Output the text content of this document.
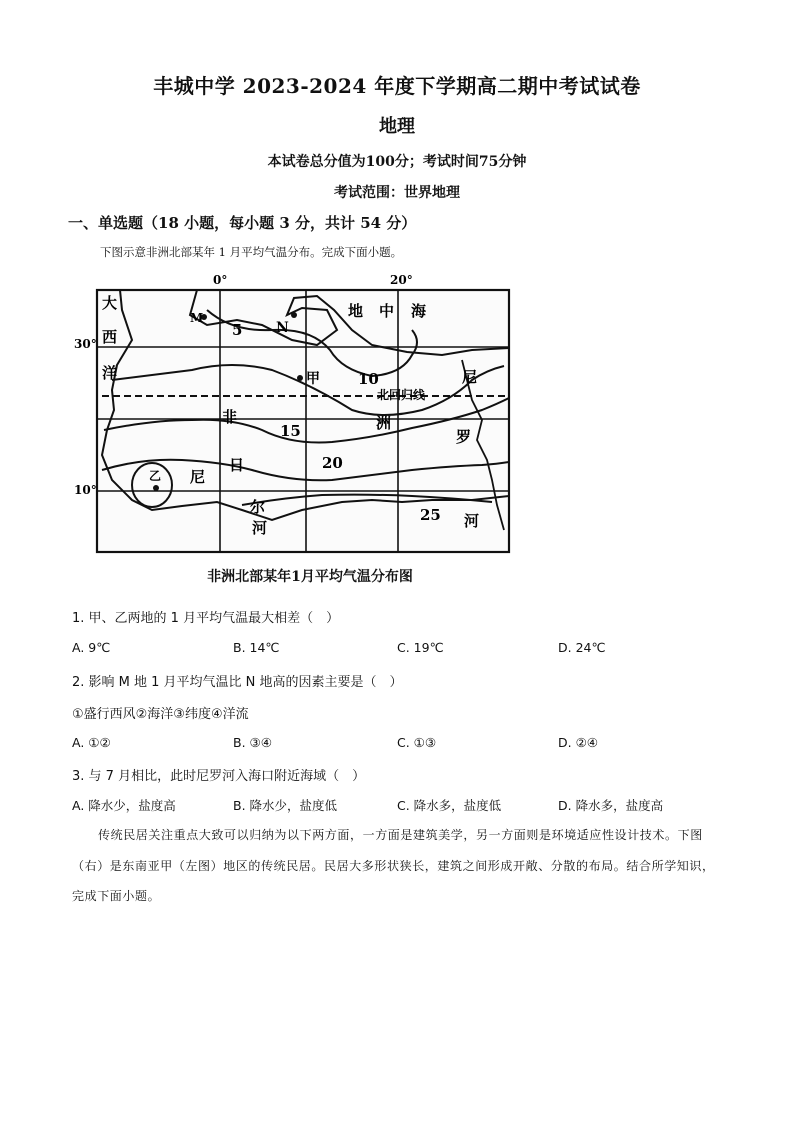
丰城中学 2023-2024 年度下学期高二期中考试试卷
地理
本试卷总分值为100分；考试时间75分钟
考试范围：世界地理
一、单选题（18 小题，每小题 3 分，共计 54 分）
下图示意非洲北部某年 1 月平均气温分布。完成下面小题。
0°	20°
30°
10°
大
西
洋
地 中 海
非	洲
尼
罗
河
尼
日
尔
河
北回归线
M
N
甲
乙
5
10
15
20
25
非洲北部某年1月平均气温分布图
1. 甲、乙两地的 1 月平均气温最大相差（　）
A. 9℃	B. 14℃	C. 19℃	D. 24℃
2. 影响 M 地 1 月平均气温比 N 地高的因素主要是（　）
①盛行西风②海洋③纬度④洋流
A. ①②	B. ③④	C. ①③	D. ②④
3. 与 7 月相比，此时尼罗河入海口附近海域（　）
A. 降水少，盐度高	B. 降水少，盐度低	C. 降水多，盐度低	D. 降水多，盐度高
传统民居关注重点大致可以归纳为以下两方面，一方面是建筑美学，另一方面则是环境适应性设计技术。下图（右）是东南亚甲（左图）地区的传统民居。民居大多形状狭长，建筑之间形成开敞、分散的布局。结合所学知识，完成下面小题。
